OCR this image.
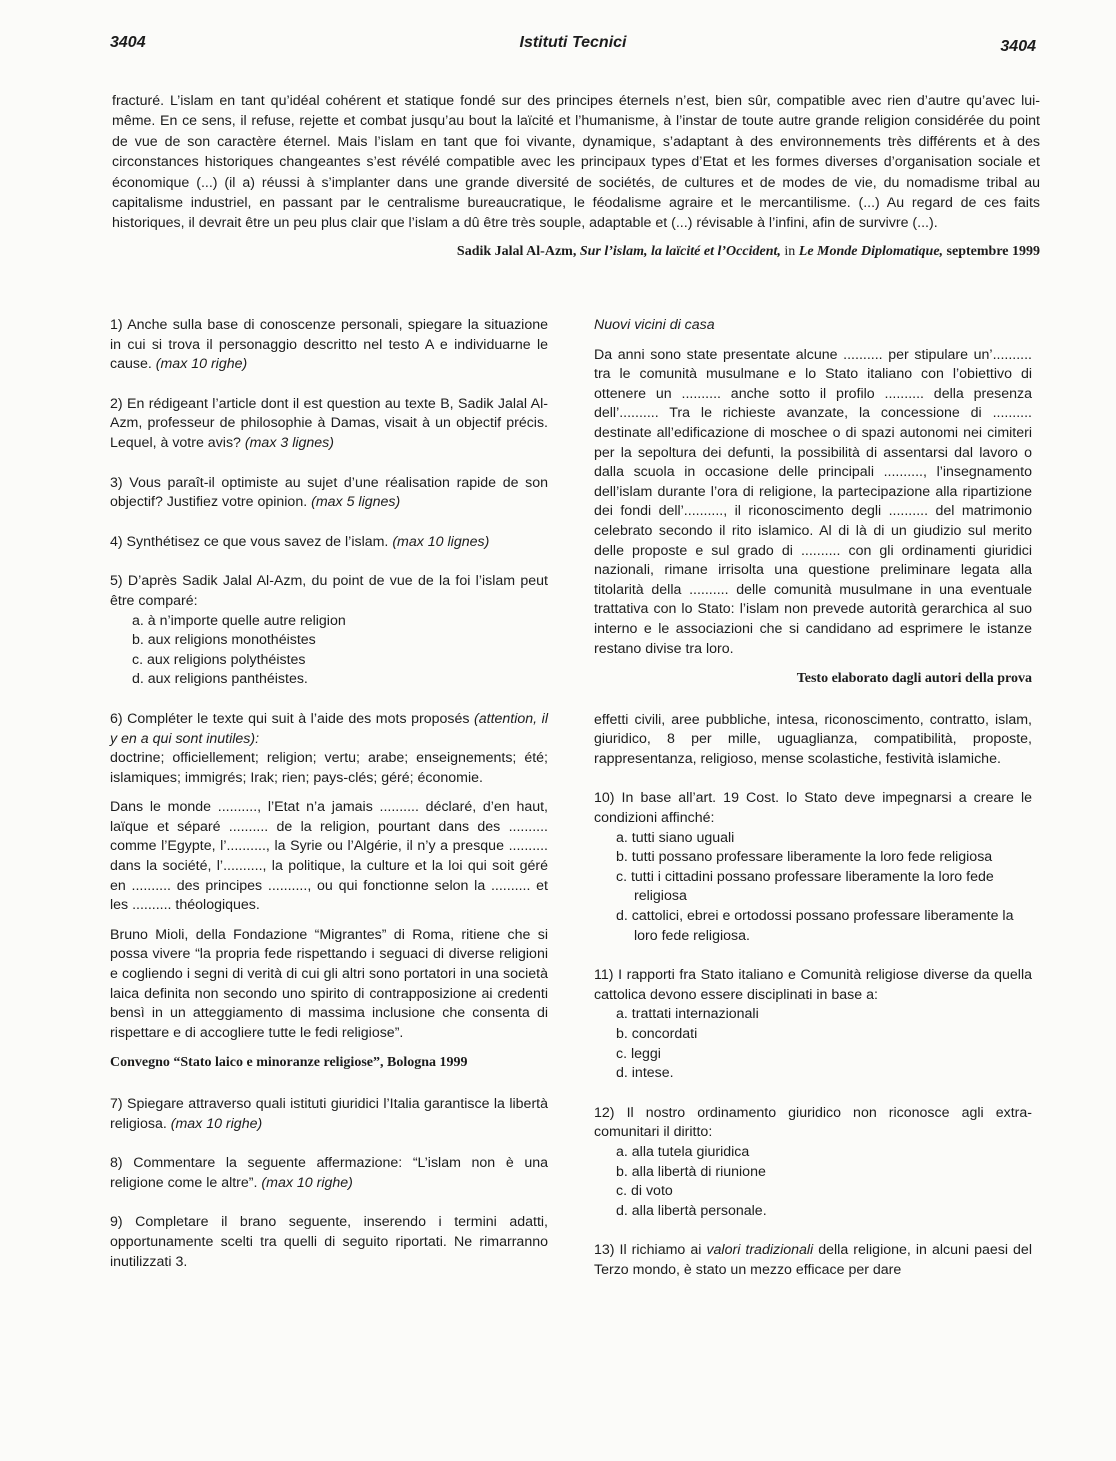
3404	Istituti Tecnici	3404

fracturé. L’islam en tant qu’idéal cohérent et statique fondé sur des principes éternels n’est, bien sûr, compatible avec rien d’autre qu’avec lui-même. En ce sens, il refuse, rejette et combat jusqu’au bout la laïcité et l’humanisme, à l’instar de toute autre grande religion considérée du point de vue de son caractère éternel. Mais l’islam en tant que foi vivante, dynamique, s’adaptant à des environnements très différents et à des circonstances historiques changeantes s’est révélé compatible avec les principaux types d’Etat et les formes diverses d’organisation sociale et économique (...) (il a) réussi à s’implanter dans une grande diversité de sociétés, de cultures et de modes de vie, du nomadisme tribal au capitalisme industriel, en passant par le centralisme bureaucratique, le féodalisme agraire et le mercantilisme. (...) Au regard de ces faits historiques, il devrait être un peu plus clair que l’islam a dû être très souple, adaptable et (...) révisable à l’infini, afin de survivre (...).

Sadik Jalal Al-Azm, Sur l’islam, la laïcité et l’Occident, in Le Monde Diplomatique, septembre 1999

1) Anche sulla base di conoscenze personali, spiegare la situazione in cui si trova il personaggio descritto nel testo A e individuarne le cause. (max 10 righe)

2) En rédigeant l’article dont il est question au texte B, Sadik Jalal Al-Azm, professeur de philosophie à Damas, visait à un objectif précis. Lequel, à votre avis? (max 3 lignes)

3) Vous paraît-il optimiste au sujet d’une réalisation rapide de son objectif? Justifiez votre opinion. (max 5 lignes)

4) Synthétisez ce que vous savez de l’islam. (max 10 lignes)

5) D’après Sadik Jalal Al-Azm, du point de vue de la foi l’islam peut être comparé:

a. à n’importe quelle autre religion
b. aux religions monothéistes
c. aux religions polythéistes
d. aux religions panthéistes.

6) Compléter le texte qui suit à l’aide des mots proposés (attention, il y en a qui sont inutiles):

doctrine; officiellement; religion; vertu; arabe; enseignements; été; islamiques; immigrés; Irak; rien; pays-clés; géré; économie.

Dans le monde .........., l’Etat n’a jamais .......... déclaré, d’en haut, laïque et séparé .......... de la religion, pourtant dans des .......... comme l’Egypte, l’.........., la Syrie ou l’Algérie, il n’y a presque .......... dans la société, l’.........., la politique, la culture et la loi qui soit géré en .......... des principes .........., ou qui fonctionne selon la .......... et les .......... théologiques.

Bruno Mioli, della Fondazione “Migrantes” di Roma, ritiene che si possa vivere “la propria fede rispettando i seguaci di diverse religioni e cogliendo i segni di verità di cui gli altri sono portatori in una società laica definita non secondo uno spirito di contrapposizione ai credenti bensì in un atteggiamento di massima inclusione che consenta di rispettare e di accogliere tutte le fedi religiose”.

Convegno “Stato laico e minoranze religiose”, Bologna 1999

7) Spiegare attraverso quali istituti giuridici l’Italia garantisce la libertà religiosa. (max 10 righe)

8) Commentare la seguente affermazione: “L’islam non è una religione come le altre”. (max 10 righe)

9) Completare il brano seguente, inserendo i termini adatti, opportunamente scelti tra quelli di seguito riportati. Ne rimarranno inutilizzati 3.

Nuovi vicini di casa

Da anni sono state presentate alcune .......... per stipulare un’.......... tra le comunità musulmane e lo Stato italiano con l’obiettivo di ottenere un .......... anche sotto il profilo .......... della presenza dell’.......... Tra le richieste avanzate, la concessione di .......... destinate all’edificazione di moschee o di spazi autonomi nei cimiteri per la sepoltura dei defunti, la possibilità di assentarsi dal lavoro o dalla scuola in occasione delle principali .........., l’insegnamento dell’islam durante l’ora di religione, la partecipazione alla ripartizione dei fondi dell’.........., il riconoscimento degli .......... del matrimonio celebrato secondo il rito islamico. Al di là di un giudizio sul merito delle proposte e sul grado di .......... con gli ordinamenti giuridici nazionali, rimane irrisolta una questione preliminare legata alla titolarità della .......... delle comunità musulmane in una eventuale trattativa con lo Stato: l’islam non prevede autorità gerarchica al suo interno e le associazioni che si candidano ad esprimere le istanze restano divise tra loro.

Testo elaborato dagli autori della prova

effetti civili, aree pubbliche, intesa, riconoscimento, contratto, islam, giuridico, 8 per mille, uguaglianza, compatibilità, proposte, rappresentanza, religioso, mense scolastiche, festività islamiche.

10) In base all’art. 19 Cost. lo Stato deve impegnarsi a creare le condizioni affinché:

a. tutti siano uguali
b. tutti possano professare liberamente la loro fede religiosa
c. tutti i cittadini possano professare liberamente la loro fede religiosa
d. cattolici, ebrei e ortodossi possano professare liberamente la loro fede religiosa.

11) I rapporti fra Stato italiano e Comunità religiose diverse da quella cattolica devono essere disciplinati in base a:

a. trattati internazionali
b. concordati
c. leggi
d. intese.

12) Il nostro ordinamento giuridico non riconosce agli extra-comunitari il diritto:

a. alla tutela giuridica
b. alla libertà di riunione
c. di voto
d. alla libertà personale.

13) Il richiamo ai valori tradizionali della religione, in alcuni paesi del Terzo mondo, è stato un mezzo efficace per dare
